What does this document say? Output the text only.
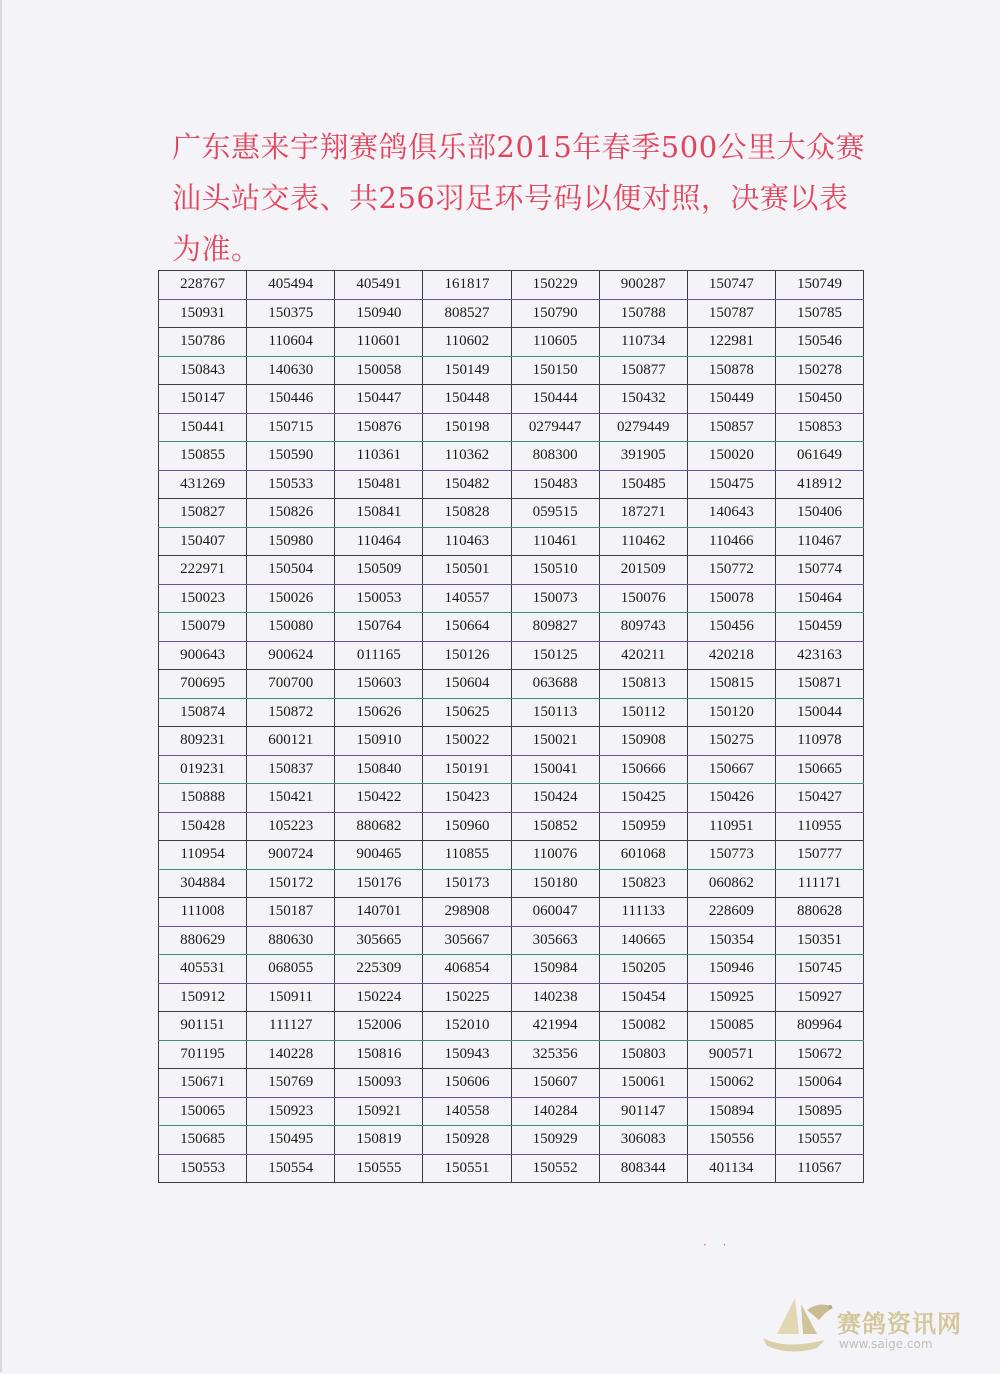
广东惠来宇翔赛鸽俱乐部2015年春季500公里大众赛
汕头站交表、共256羽足环号码以便对照，决赛以表
为准。
228767	405494	405491	161817	150229	900287	150747	150749
150931	150375	150940	808527	150790	150788	150787	150785
150786	110604	110601	110602	110605	110734	122981	150546
150843	140630	150058	150149	150150	150877	150878	150278
150147	150446	150447	150448	150444	150432	150449	150450
150441	150715	150876	150198	0279447	0279449	150857	150853
150855	150590	110361	110362	808300	391905	150020	061649
431269	150533	150481	150482	150483	150485	150475	418912
150827	150826	150841	150828	059515	187271	140643	150406
150407	150980	110464	110463	110461	110462	110466	110467
222971	150504	150509	150501	150510	201509	150772	150774
150023	150026	150053	140557	150073	150076	150078	150464
150079	150080	150764	150664	809827	809743	150456	150459
900643	900624	011165	150126	150125	420211	420218	423163
700695	700700	150603	150604	063688	150813	150815	150871
150874	150872	150626	150625	150113	150112	150120	150044
809231	600121	150910	150022	150021	150908	150275	110978
019231	150837	150840	150191	150041	150666	150667	150665
150888	150421	150422	150423	150424	150425	150426	150427
150428	105223	880682	150960	150852	150959	110951	110955
110954	900724	900465	110855	110076	601068	150773	150777
304884	150172	150176	150173	150180	150823	060862	111171
111008	150187	140701	298908	060047	111133	228609	880628
880629	880630	305665	305667	305663	140665	150354	150351
405531	068055	225309	406854	150984	150205	150946	150745
150912	150911	150224	150225	140238	150454	150925	150927
901151	111127	152006	152010	421994	150082	150085	809964
701195	140228	150816	150943	325356	150803	900571	150672
150671	150769	150093	150606	150607	150061	150062	150064
150065	150923	150921	140558	140284	901147	150894	150895
150685	150495	150819	150928	150929	306083	150556	150557
150553	150554	150555	150551	150552	808344	401134	110567
· ·
赛鸽资讯网
www.saige.com
